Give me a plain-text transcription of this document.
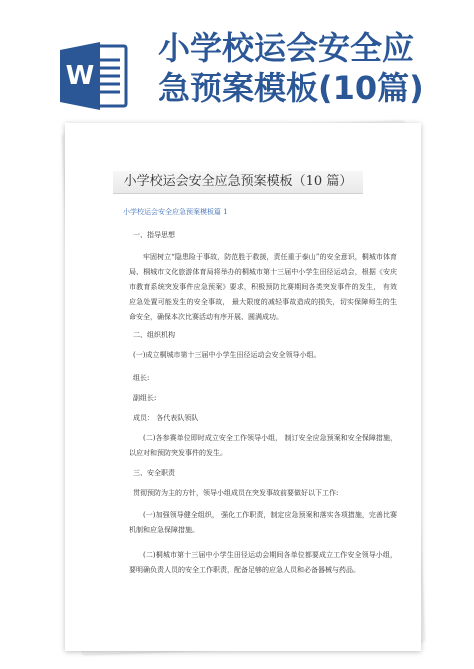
W
小学校运会安全应
急预案模板(10篇)
小学校运会安全应急预案模板（10 篇）
小学校运会安全应急预案模板篇 1
一、指导思想
牢固树立“隐患险于事故，防范胜于救援，责任重于泰山”的安全意识，桐城市体育局、桐城市文化旅游体育局将举办的桐城市第十三届中小学生田径运动会，根据《安庆市教育系统突发事件应急预案》要求，积极预防比赛期间各类突发事件的发生， 有效应急处置可能发生的安全事故， 最大限度的减轻事故造成的损失，切实保障师生的生命安全，确保本次比赛活动有序开展、圆满成功。
二、组织机构
(一)成立桐城市第十三届中小学生田径运动会安全领导小组。
组长:
副组长:
成员： 各代表队领队
(二)各参赛单位即时成立安全工作领导小组， 制订安全应急预案和安全保障措施，以应对和预防突发事件的发生。
三、安全职责
贯彻预防为主的方针，领导小组成员在突发事故前要做好以下工作:
(一)加强领导健全组织， 强化工作职责，制定应急预案和落实各项措施，完善比赛机制和应急保障措施。
(二)桐城市第十三届中小学生田径运动会期间各单位都要成立工作安全领导小组，要明确负责人员的安全工作职责，配备足够的应急人员和必备器械与药品。
